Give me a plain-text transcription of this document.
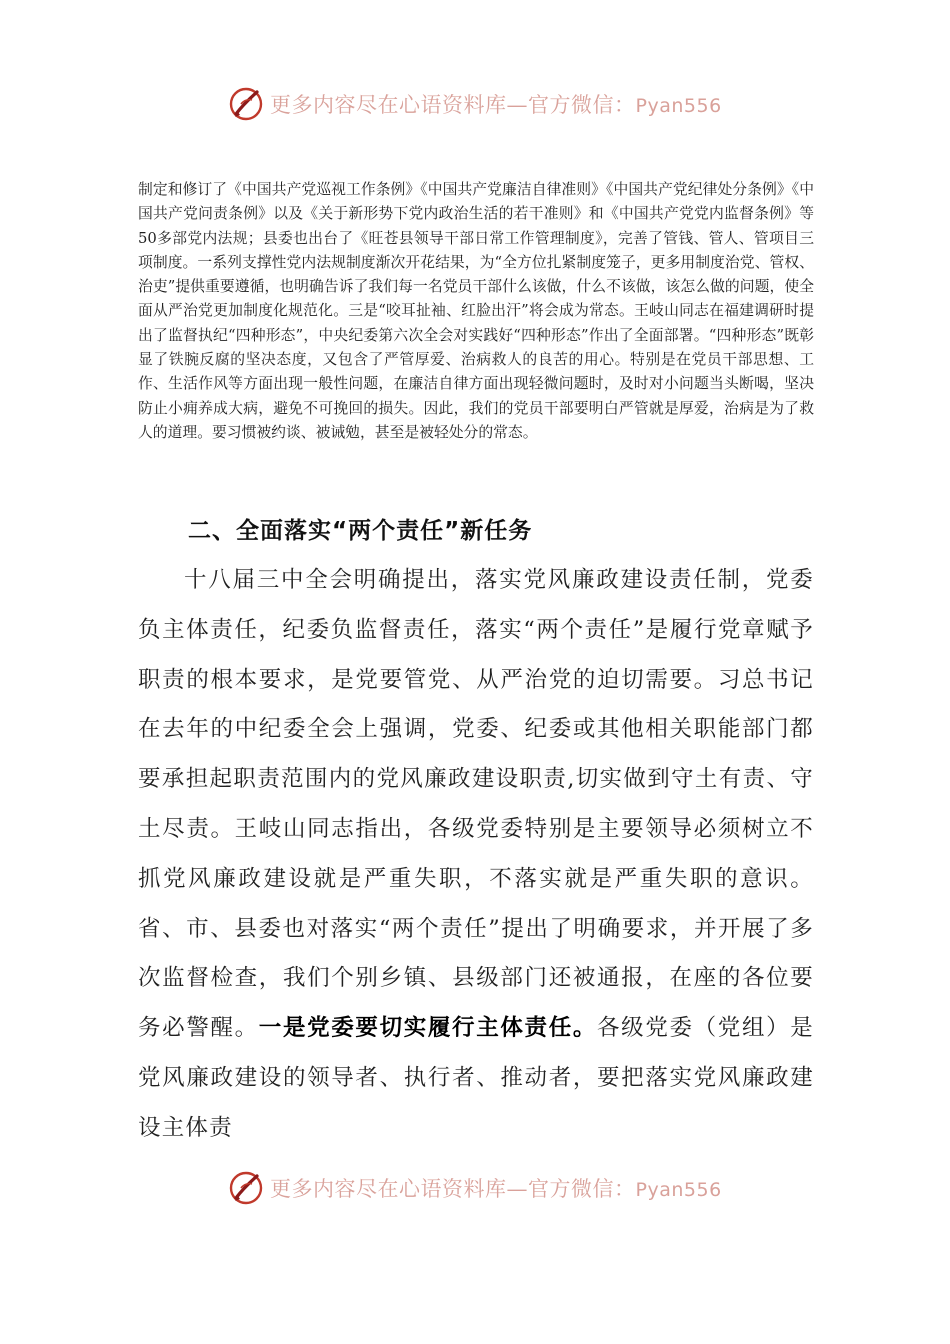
更多内容尽在心语资料库—官方微信：Pyan556

制定和修订了《中国共产党巡视工作条例》《中国共产党廉洁自律准则》《中国共产党纪律处分条例》《中国共产党问责条例》以及《关于新形势下党内政治生活的若干准则》和《中国共产党党内监督条例》等50多部党内法规；县委也出台了《旺苍县领导干部日常工作管理制度》，完善了管钱、管人、管项目三项制度。一系列支撑性党内法规制度渐次开花结果，为“全方位扎紧制度笼子，更多用制度治党、管权、治吏”提供重要遵循，也明确告诉了我们每一名党员干部什么该做，什么不该做，该怎么做的问题，使全面从严治党更加制度化规范化。三是“咬耳扯袖、红脸出汗”将会成为常态。王岐山同志在福建调研时提出了监督执纪“四种形态”，中央纪委第六次全会对实践好“四种形态”作出了全面部署。“四种形态”既彰显了铁腕反腐的坚决态度，又包含了严管厚爱、治病救人的良苦的用心。特别是在党员干部思想、工作、生活作风等方面出现一般性问题，在廉洁自律方面出现轻微问题时，及时对小问题当头断喝，坚决防止小痈养成大病，避免不可挽回的损失。因此，我们的党员干部要明白严管就是厚爱，治病是为了救人的道理。要习惯被约谈、被诫勉，甚至是被轻处分的常态。

二、全面落实“两个责任”新任务

十八届三中全会明确提出，落实党风廉政建设责任制，党委负主体责任，纪委负监督责任，落实“两个责任”是履行党章赋予职责的根本要求，是党要管党、从严治党的迫切需要。习总书记在去年的中纪委全会上强调，党委、纪委或其他相关职能部门都要承担起职责范围内的党风廉政建设职责,切实做到守土有责、守土尽责。王岐山同志指出，各级党委特别是主要领导必须树立不抓党风廉政建设就是严重失职，不落实就是严重失职的意识。省、市、县委也对落实“两个责任”提出了明确要求，并开展了多次监督检查，我们个别乡镇、县级部门还被通报，在座的各位要务必警醒。一是党委要切实履行主体责任。各级党委（党组）是党风廉政建设的领导者、执行者、推动者，要把落实党风廉政建设主体责

更多内容尽在心语资料库—官方微信：Pyan556
